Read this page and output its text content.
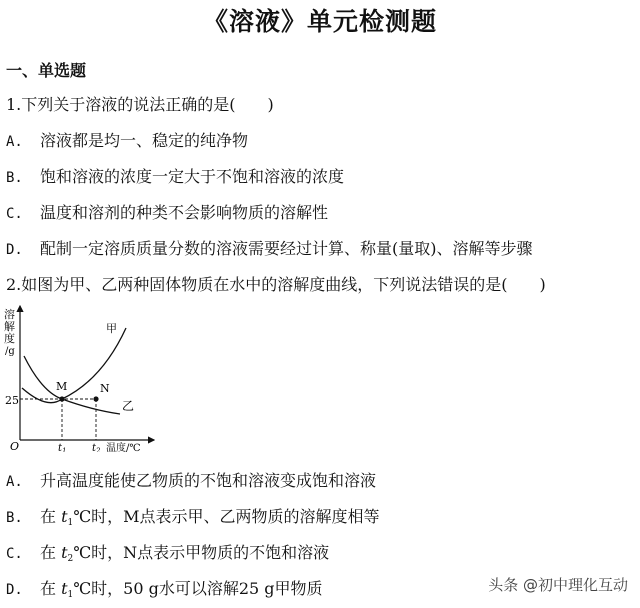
《溶液》单元检测题
一、单选题
1.下列关于溶液的说法正确的是(　　)
A. 溶液都是均一、稳定的纯净物
B. 饱和溶液的浓度一定大于不饱和溶液的浓度
C. 温度和溶剂的种类不会影响物质的溶解性
D. 配制一定溶质质量分数的溶液需要经过计算、称量(量取)、溶解等步骤
2.如图为甲、乙两种固体物质在水中的溶解度曲线，下列说法错误的是(　　)
溶
解
度
/g
O
25
M	N
甲
乙
$t_1$	$t_2$ 温度/℃
A. 升高温度能使乙物质的不饱和溶液变成饱和溶液
B. 在 $t_1℃$时，M点表示甲、乙两物质的溶解度相等
C. 在 $t_2℃$时，N点表示甲物质的不饱和溶液
D. 在 $t_1℃$时，50 g水可以溶解25 g甲物质	头条 @初中理化互动
